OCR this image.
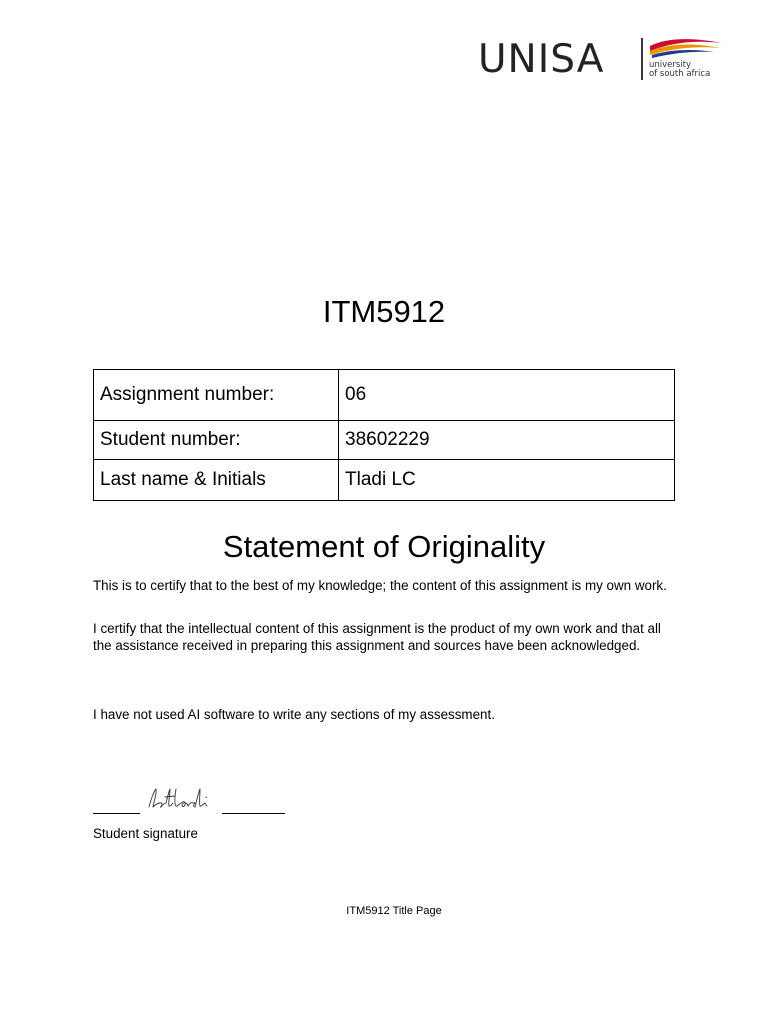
UNISA	university
of south africa
ITM5912
Assignment number:	06
Student number:	38602229
Last name & Initials	Tladi LC
Statement of Originality

This is to certify that to the best of my knowledge; the content of this assignment is my own work.

I certify that the intellectual content of this assignment is the product of my own work and that all the assistance received in preparing this assignment and sources have been acknowledged.

I have not used AI software to write any sections of my assessment.

Student signature
ITM5912 Title Page
